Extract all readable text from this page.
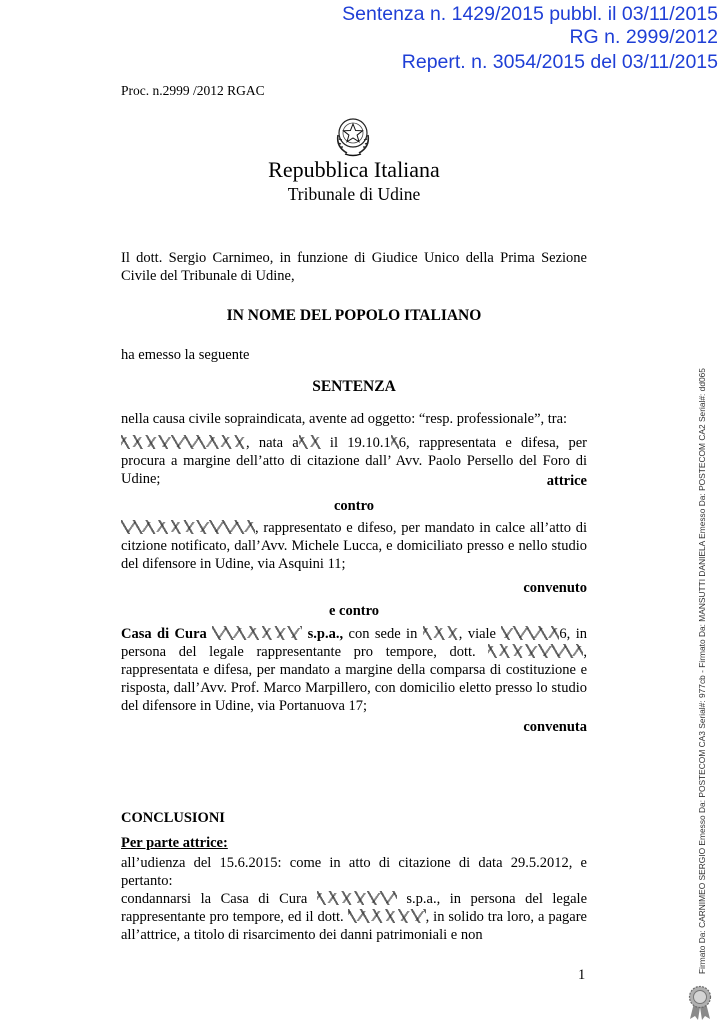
Sentenza n. 1429/2015 pubbl. il 03/11/2015
RG n. 2999/2012
Repert. n. 3054/2015 del 03/11/2015
Proc. n.2999 /2012 RGAC
Repubblica Italiana
Tribunale di Udine
Il dott. Sergio Carnimeo, in funzione di Giudice Unico della Prima Sezione Civile del Tribunale di Udine,
IN NOME DEL POPOLO ITALIANO
ha emesso la seguente
SENTENZA
nella causa civile sopraindicata, avente ad oggetto: “resp. professionale”, tra:
, nata a il 19.10.1 6, rappresentata e difesa, per procura a margine dell’atto di citazione dall’ Avv. Paolo Persello del Foro di Udine;	attrice
contro
, rappresentato e difeso, per mandato in calce all’atto di citzione notificato, dall’Avv. Michele Lucca, e domiciliato presso e nello studio del difensore in Udine, via Asquini 11;
convenuto
e contro
Casa di Cura	s.p.a., con sede in	, viale	6, in persona del legale rappresentante pro tempore, dott.	, rappresentata e difesa, per mandato a margine della comparsa di costituzione e risposta, dall’Avv. Prof. Marco Marpillero, con domicilio eletto presso lo studio del difensore in Udine, via Portanuova 17;
convenuta
CONCLUSIONI
Per parte attrice:
all’udienza del 15.6.2015: come in atto di citazione di data 29.5.2012, e pertanto:
condannarsi la Casa di Cura	s.p.a., in persona del legale rappresentante pro tempore, ed il dott.	, in solido tra loro, a pagare all’attrice, a titolo di risarcimento dei danni patrimoniali e non
1
Firmato Da: CARNIMEO SERGIO Emesso Da: POSTECOM CA3 Serial#: 977cb - Firmato Da: MANSUTTI DANIELA Emesso Da: POSTECOM CA2 Serial#: dd065
